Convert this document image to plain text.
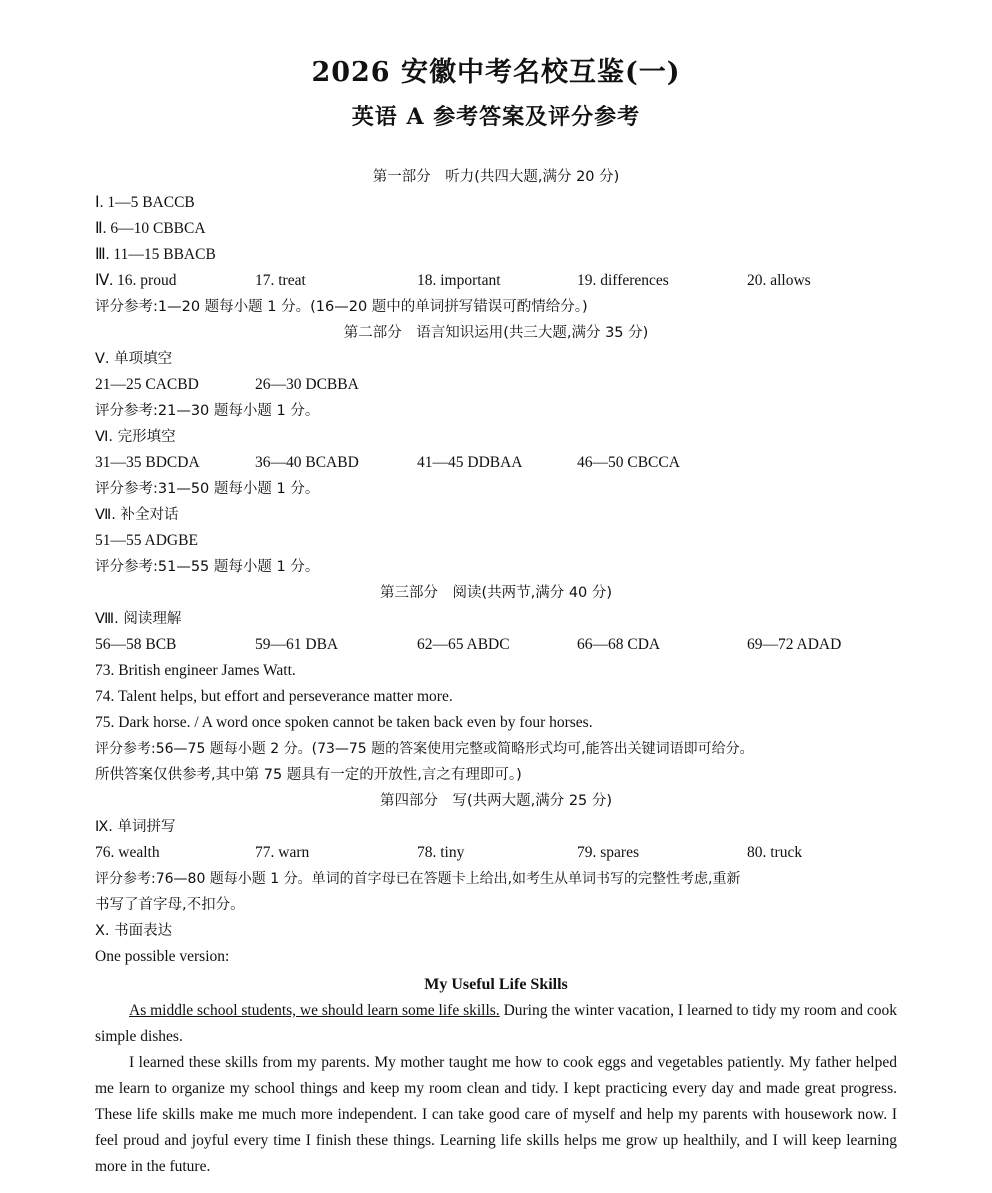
2026 安徽中考名校互鉴(一)
英语 A 参考答案及评分参考
第一部分　听力(共四大题,满分 20 分)
Ⅰ. 1—5 BACCB
Ⅱ. 6—10 CBBCA
Ⅲ. 11—15 BBACB
Ⅳ. 16. proud	17. treat	18. important	19. differences	20. allows
评分参考:1—20 题每小题 1 分。(16—20 题中的单词拼写错误可酌情给分。)
第二部分　语言知识运用(共三大题,满分 35 分)
Ⅴ. 单项填空
21—25 CACBD	26—30 DCBBA
评分参考:21—30 题每小题 1 分。
Ⅵ. 完形填空
31—35 BDCDA	36—40 BCABD	41—45 DDBAA	46—50 CBCCA
评分参考:31—50 题每小题 1 分。
Ⅶ. 补全对话
51—55 ADGBE
评分参考:51—55 题每小题 1 分。
第三部分　阅读(共两节,满分 40 分)
Ⅷ. 阅读理解
56—58 BCB	59—61 DBA	62—65 ABDC	66—68 CDA	69—72 ADAD
73. British engineer James Watt.
74. Talent helps, but effort and perseverance matter more.
75. Dark horse. / A word once spoken cannot be taken back even by four horses.
评分参考:56—75 题每小题 2 分。(73—75 题的答案使用完整或简略形式均可,能答出关键词语即可给分。
所供答案仅供参考,其中第 75 题具有一定的开放性,言之有理即可。)
第四部分　写(共两大题,满分 25 分)
Ⅸ. 单词拼写
76. wealth	77. warn	78. tiny	79. spares	80. truck
评分参考:76—80 题每小题 1 分。单词的首字母已在答题卡上给出,如考生从单词书写的完整性考虑,重新
书写了首字母,不扣分。
Ⅹ. 书面表达
One possible version:
My Useful Life Skills
As middle school students, we should learn some life skills. During the winter vacation, I learned to tidy my room and cook simple dishes.
I learned these skills from my parents. My mother taught me how to cook eggs and vegetables patiently. My father helped me learn to organize my school things and keep my room clean and tidy. I kept practicing every day and made great progress. These life skills make me much more independent. I can take good care of myself and help my parents with housework now. I feel proud and joyful every time I finish these things. Learning life skills helps me grow up healthily, and I will keep learning more in the future.
